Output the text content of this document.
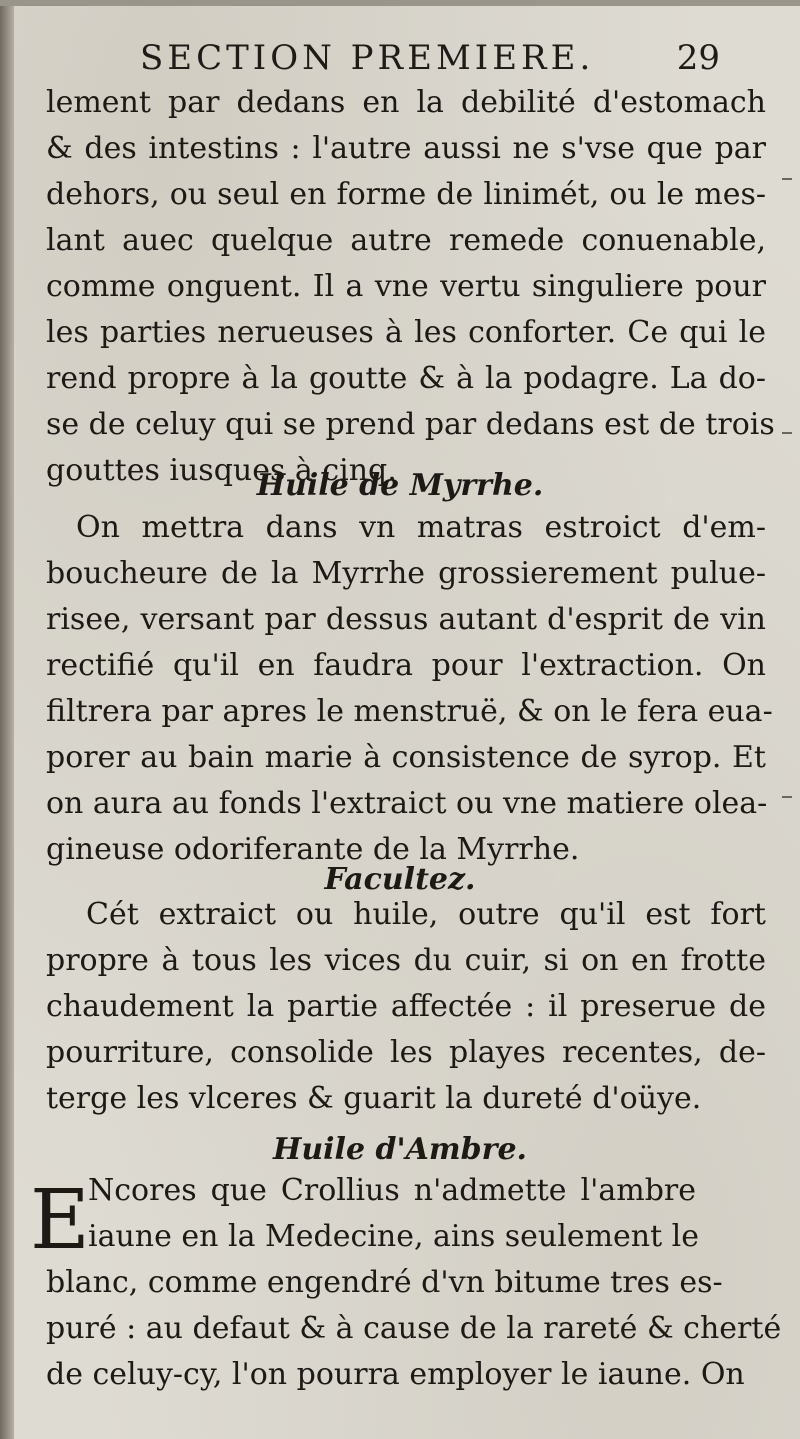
SECTION PREMIERE. 29
lement par dedans en la debilité d'estomach
& des intestins : l'autre aussi ne s'vse que par
dehors, ou seul en forme de linimét, ou le mes-
lant auec quelque autre remede conuenable,
comme onguent. Il a vne vertu singuliere pour
les parties nerueuses à les conforter. Ce qui le
rend propre à la goutte & à la podagre. La do-
se de celuy qui se prend par dedans est de trois
gouttes iusques à cinq.
Huile de Myrrhe.
On mettra dans vn matras estroict d'em-
boucheure de la Myrrhe grossierement pulue-
risee, versant par dessus autant d'esprit de vin
rectifié qu'il en faudra pour l'extraction. On
filtrera par apres le menstruë, & on le fera eua-
porer au bain marie à consistence de syrop. Et
on aura au fonds l'extraict ou vne matiere olea-
gineuse odoriferante de la Myrrhe.
Facultez.
Cét extraict ou huile, outre qu'il est fort
propre à tous les vices du cuir, si on en frotte
chaudement la partie affectée : il preserue de
pourriture, consolide les playes recentes, de-
terge les vlceres & guarit la dureté d'oüye.
Huile d'Ambre.
E
Ncores que Crollius n'admette l'ambre
iaune en la Medecine, ains seulement le
blanc, comme engendré d'vn bitume tres es-
puré : au defaut & à cause de la rareté & cherté
de celuy-cy, l'on pourra employer le iaune. On
